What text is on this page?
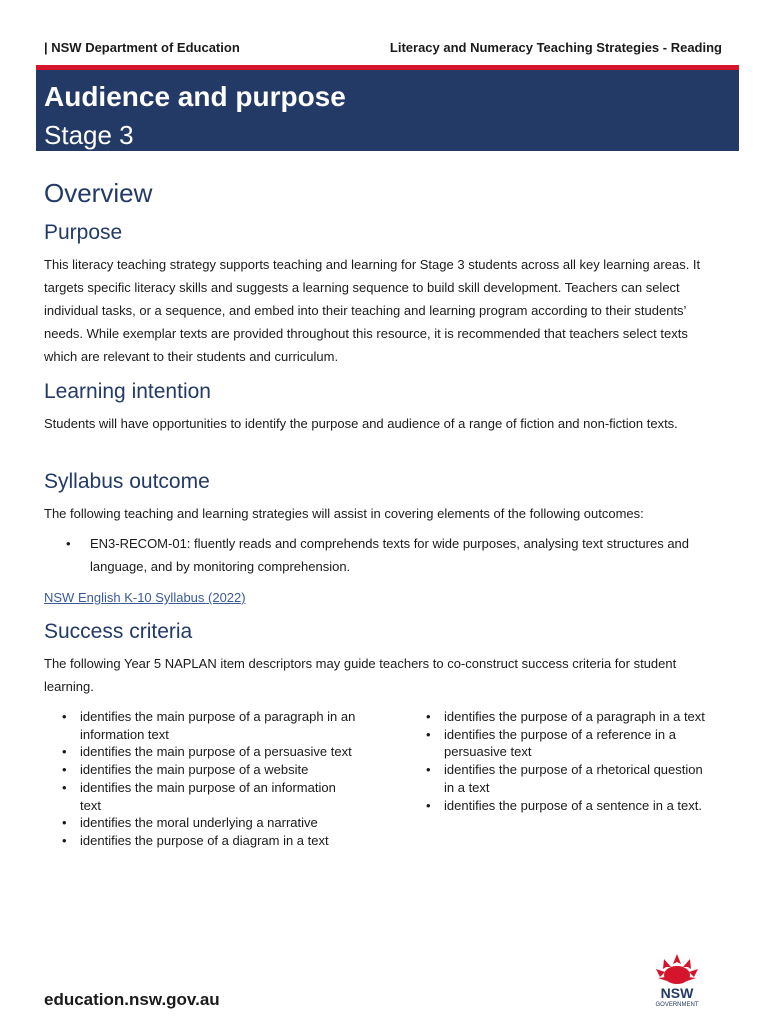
| NSW Department of Education	Literacy and Numeracy Teaching Strategies - Reading
Audience and purpose
Stage 3
Overview
Purpose
This literacy teaching strategy supports teaching and learning for Stage 3 students across all key learning areas. It targets specific literacy skills and suggests a learning sequence to build skill development. Teachers can select individual tasks, or a sequence, and embed into their teaching and learning program according to their students’ needs. While exemplar texts are provided throughout this resource, it is recommended that teachers select texts which are relevant to their students and curriculum.
Learning intention
Students will have opportunities to identify the purpose and audience of a range of fiction and non-fiction texts.
Syllabus outcome
The following teaching and learning strategies will assist in covering elements of the following outcomes:
• EN3-RECOM-01: fluently reads and comprehends texts for wide purposes, analysing text structures and language, and by monitoring comprehension.
NSW English K-10 Syllabus (2022)
Success criteria
The following Year 5 NAPLAN item descriptors may guide teachers to co-construct success criteria for student learning.
• identifies the main purpose of a paragraph in an information text
• identifies the main purpose of a persuasive text
• identifies the main purpose of a website
• identifies the main purpose of an information text
• identifies the moral underlying a narrative
• identifies the purpose of a diagram in a text
• identifies the purpose of a paragraph in a text
• identifies the purpose of a reference in a persuasive text
• identifies the purpose of a rhetorical question in a text
• identifies the purpose of a sentence in a text.
education.nsw.gov.au	NSW
GOVERNMENT
